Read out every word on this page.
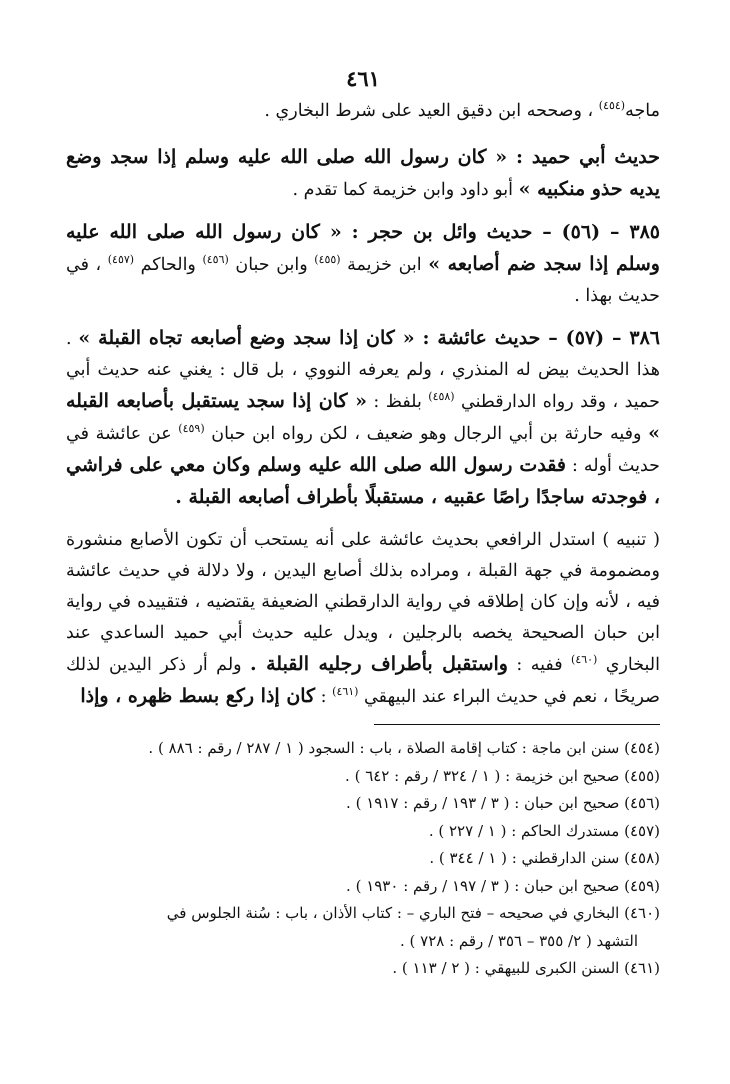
٤٦١

ماجه$^{(٤٥٤)}$ ، وصححه ابن دقيق العيد على شرط البخاري .

حديث أبي حميد : « كان رسول الله صلى الله عليه وسلم إذا سجد وضع يديه حذو منكبيه » أبو داود وابن خزيمة كما تقدم .

٣٨٥ – (٥٦) – حديث وائل بن حجر : « كان رسول الله صلى الله عليه وسلم إذا سجد ضم أصابعه » ابن خزيمة $^{(٤٥٥)}$ وابن حبان $^{(٤٥٦)}$ والحاكم $^{(٤٥٧)}$ ، في حديث بهذا .

٣٨٦ – (٥٧) – حديث عائشة : « كان إذا سجد وضع أصابعه تجاه القبلة » . هذا الحديث بيض له المنذري ، ولم يعرفه النووي ، بل قال : يغني عنه حديث أبي حميد ، وقد رواه الدارقطني $^{(٤٥٨)}$ بلفظ : « كان إذا سجد يستقبل بأصابعه القبله » وفيه حارثة بن أبي الرجال وهو ضعيف ، لكن رواه ابن حبان $^{(٤٥٩)}$ عن عائشة في حديث أوله : فقدت رسول الله صلى الله عليه وسلم وكان معي على فراشي ، فوجدته ساجدًا راصًا عقبيه ، مستقبلًا بأطراف أصابعه القبلة .

( تنبيه ) استدل الرافعي بحديث عائشة على أنه يستحب أن تكون الأصابع منشورة ومضمومة في جهة القبلة ، ومراده بذلك أصابع اليدين ، ولا دلالة في حديث عائشة فيه ، لأنه وإن كان إطلاقه في رواية الدارقطني الضعيفة يقتضيه ، فتقييده في رواية ابن حبان الصحيحة يخصه بالرجلين ، ويدل عليه حديث أبي حميد الساعدي عند البخاري $^{(٤٦٠)}$ ففيه : واستقبل بأطراف رجليه القبلة . ولم أر ذكر اليدين لذلك صريحًا ، نعم في حديث البراء عند البيهقي $^{(٤٦١)}$ : كان إذا ركع بسط ظهره ، وإذا

(٤٥٤) سنن ابن ماجة : كتاب إقامة الصلاة ، باب : السجود ( ١ / ٢٨٧ / رقم : ٨٨٦ ) .
(٤٥٥) صحيح ابن خزيمة : ( ١ / ٣٢٤ / رقم : ٦٤٢ ) .
(٤٥٦) صحيح ابن حبان : ( ٣ / ١٩٣ / رقم : ١٩١٧ ) .
(٤٥٧) مستدرك الحاكم : ( ١ / ٢٢٧ ) .
(٤٥٨) سنن الدارقطني : ( ١ / ٣٤٤ ) .
(٤٥٩) صحيح ابن حبان : ( ٣ / ١٩٧ / رقم : ١٩٣٠ ) .
(٤٦٠) البخاري في صحيحه – فتح الباري – : كتاب الأذان ، باب : سُنة الجلوس في
التشهد ( ٢/ ٣٥٥ – ٣٥٦ / رقم : ٧٢٨ ) .
(٤٦١) السنن الكبرى للبيهقي : ( ٢ / ١١٣ ) .
